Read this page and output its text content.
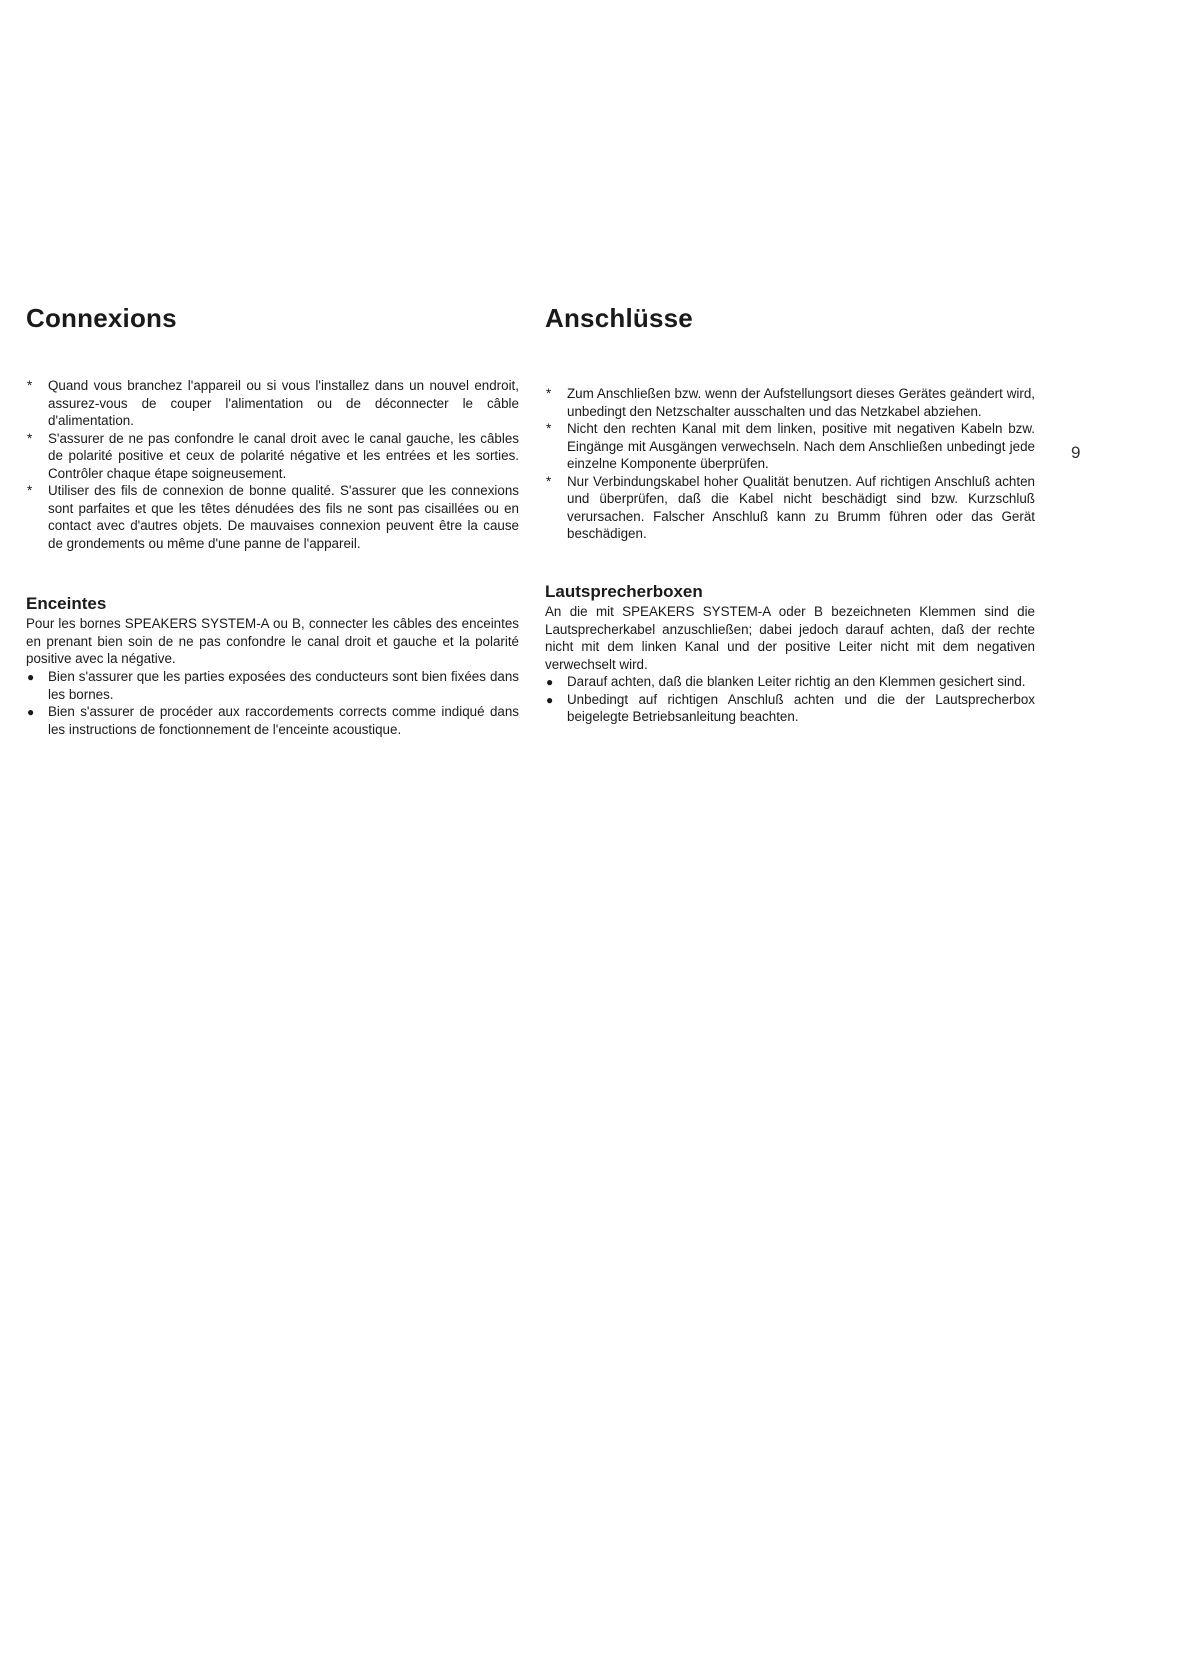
Connexions
*	Quand vous branchez l'appareil ou si vous l'installez dans un nouvel endroit, assurez-vous de couper l'alimentation ou de déconnecter le câble d'alimentation.
*	S'assurer de ne pas confondre le canal droit avec le canal gauche, les câbles de polarité positive et ceux de polarité négative et les entrées et les sorties. Contrôler chaque étape soigneusement.
*	Utiliser des fils de connexion de bonne qualité. S'assurer que les connexions sont parfaites et que les têtes dénudées des fils ne sont pas cisaillées ou en contact avec d'autres objets. De mauvaises connexion peuvent être la cause de grondements ou même d'une panne de l'appareil.
Enceintes

Pour les bornes SPEAKERS SYSTEM-A ou B, connecter les câbles des enceintes en prenant bien soin de ne pas confondre le canal droit et gauche et la polarité positive avec la négative.

●	Bien s'assurer que les parties exposées des conducteurs sont bien fixées dans les bornes.
●	Bien s'assurer de procéder aux raccordements corrects comme indiqué dans les instructions de fonctionnement de l'enceinte acoustique.
Anschlüsse
*	Zum Anschließen bzw. wenn der Aufstellungsort dieses Gerätes geändert wird, unbedingt den Netzschalter ausschalten und das Netzkabel abziehen.
*	Nicht den rechten Kanal mit dem linken, positive mit negativen Kabeln bzw. Eingänge mit Ausgängen verwechseln. Nach dem Anschließen unbedingt jede einzelne Komponente überprüfen.
*	Nur Verbindungskabel hoher Qualität benutzen. Auf richtigen Anschluß achten und überprüfen, daß die Kabel nicht beschädigt sind bzw. Kurzschluß verursachen. Falscher Anschluß kann zu Brumm führen oder das Gerät beschädigen.
Lautsprecherboxen

An die mit SPEAKERS SYSTEM-A oder B bezeichneten Klemmen sind die Lautsprecherkabel anzuschließen; dabei jedoch darauf achten, daß der rechte nicht mit dem linken Kanal und der positive Leiter nicht mit dem negativen verwechselt wird.

●	Darauf achten, daß die blanken Leiter richtig an den Klemmen gesichert sind.
●	Unbedingt auf richtigen Anschluß achten und die der Lautsprecherbox beigelegte Betriebsanleitung beachten.
9
